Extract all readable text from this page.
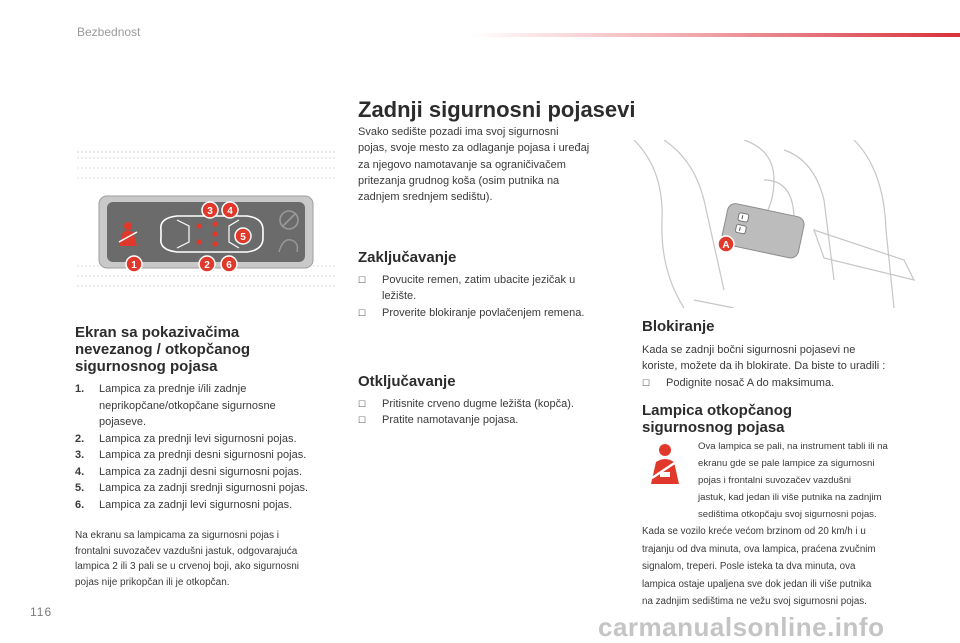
Bezbednost
Zadnji sigurnosni pojasevi
Svako sedište pozadi ima svoj sigurnosni
pojas, svoje mesto za odlaganje pojasa i uređaj
za njegovo namotavanje sa ograničivačem
pritezanja grudnog koša (osim putnika na
zadnjem srednjem sedištu).
Zaključavanje
☐ Povucite remen, zatim ubacite jezičak u
ležište.
☐ Proverite blokiranje povlačenjem remena.
Otključavanje
☐ Pritisnite crveno dugme ležišta (kopča).
☐ Pratite namotavanje pojasa.
1
3 4
5
2 6
Ekran sa pokazivačima
nevezanog / otkopčanog
sigurnosnog pojasa
1. Lampica za prednje i/ili zadnje
neprikopčane/otkopčane sigurnosne
pojaseve.
2. Lampica za prednji levi sigurnosni pojas.
3. Lampica za prednji desni sigurnosni pojas.
4. Lampica za zadnji desni sigurnosni pojas.
5. Lampica za zadnji srednji sigurnosni pojas.
6. Lampica za zadnji levi sigurnosni pojas.
Na ekranu sa lampicama za sigurnosni pojas i
frontalni suvozačev vazdušni jastuk, odgovarajuća
lampica 2 ili 3 pali se u crvenoj boji, ako sigurnosni
pojas nije prikopčan ili je otkopčan.
A
Blokiranje
Kada se zadnji bočni sigurnosni pojasevi ne
koriste, možete da ih blokirate. Da biste to uradili :
☐ Podignite nosač A do maksimuma.
Lampica otkopčanog
sigurnosnog pojasa
Ova lampica se pali, na instrument tabli ili na
ekranu gde se pale lampice za sigurnosni
pojas i frontalni suvozačev vazdušni
jastuk, kad jedan ili više putnika na zadnjim
sedištima otkopčaju svoj sigurnosni pojas.
Kada se vozilo kreće većom brzinom od 20 km/h i u
trajanju od dva minuta, ova lampica, praćena zvučnim
signalom, treperi. Posle isteka ta dva minuta, ova
lampica ostaje upaljena sve dok jedan ili više putnika
na zadnjim sedištima ne vežu svoj sigurnosni pojas.
116	carmanualsonline.info
